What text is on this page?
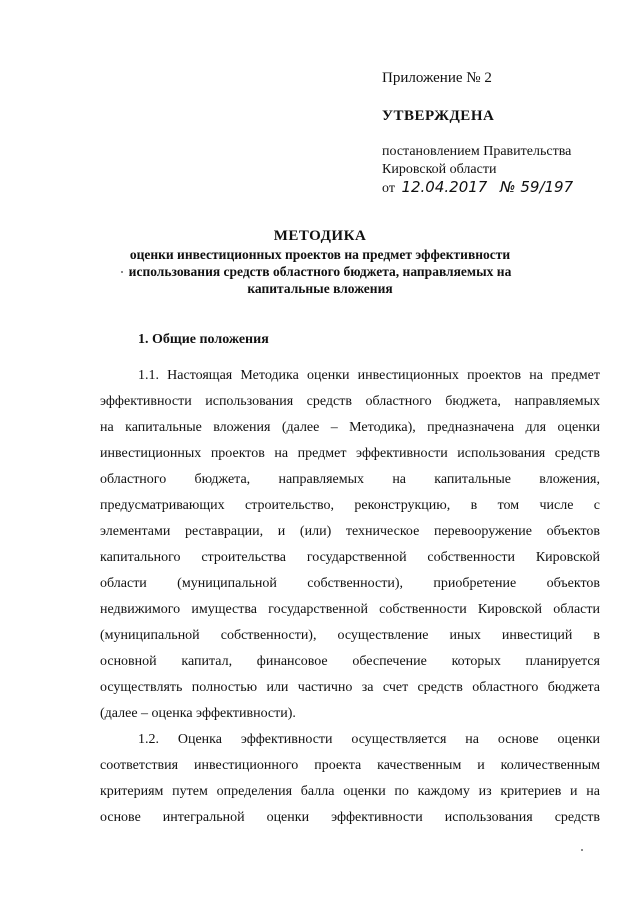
Приложение № 2
УТВЕРЖДЕНА
постановлением Правительства
Кировской области
от 12.04.2017 № 59/197
МЕТОДИКА
оценки инвестиционных проектов на предмет эффективности использования средств областного бюджета, направляемых на капитальные вложения
1. Общие положения
1.1. Настоящая Методика оценки инвестиционных проектов на предмет
эффективности использования средств областного бюджета, направляемых
на капитальные вложения (далее – Методика), предназначена для оценки
инвестиционных проектов на предмет эффективности использования средств
областного бюджета, направляемых на капитальные вложения,
предусматривающих строительство, реконструкцию, в том числе с
элементами реставрации, и (или) техническое перевооружение объектов
капитального строительства государственной собственности Кировской
области (муниципальной собственности), приобретение объектов
недвижимого имущества государственной собственности Кировской области
(муниципальной собственности), осуществление иных инвестиций в
основной капитал, финансовое обеспечение которых планируется
осуществлять полностью или частично за счет средств областного бюджета
(далее – оценка эффективности).
1.2. Оценка эффективности осуществляется на основе оценки
соответствия инвестиционного проекта качественным и количественным
критериям путем определения балла оценки по каждому из критериев и на
основе интегральной оценки эффективности использования средств
